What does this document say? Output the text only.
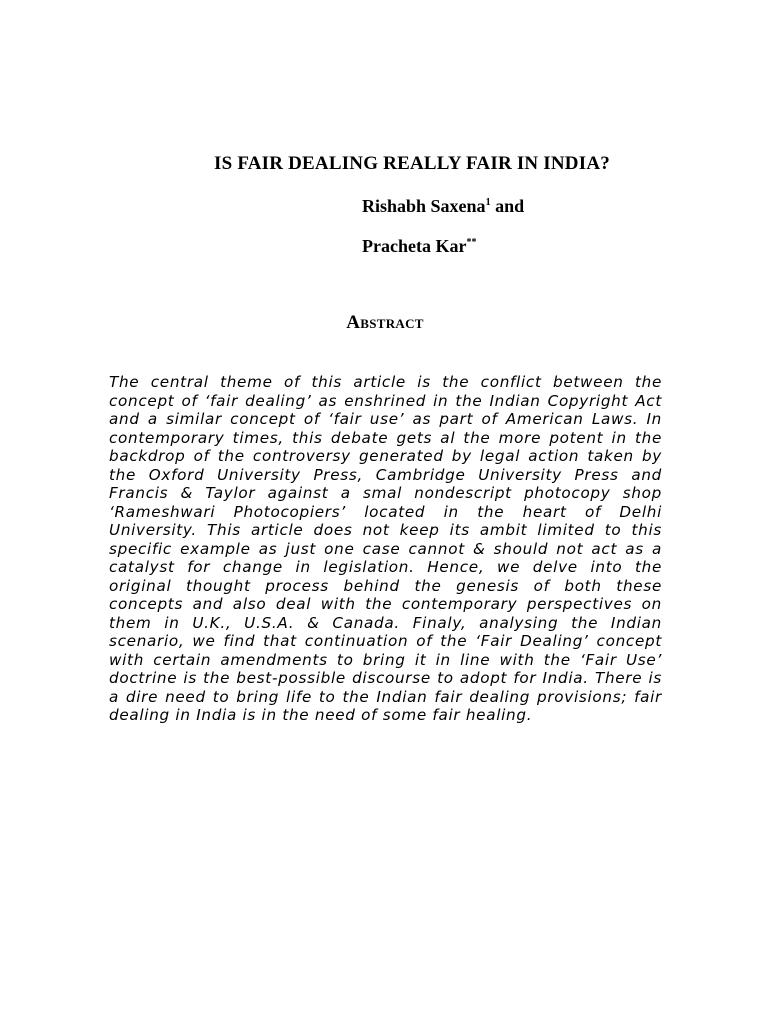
IS FAIR DEALING REALLY FAIR IN INDIA?

Rishabh Saxena$^1$ and

Pracheta Kar**

Abstract

The central theme of this article is the conflict between the concept of ‘fair dealing’ as enshrined in the Indian Copyright Act and a similar concept of ‘fair use’ as part of American Laws. In contemporary times, this debate gets al the more potent in the backdrop of the controversy generated by legal action taken by the Oxford University Press, Cambridge University Press and Francis & Taylor against a smal nondescript photocopy shop ‘Rameshwari Photocopiers’ located in the heart of Delhi University. This article does not keep its ambit limited to this specific example as just one case cannot & should not act as a catalyst for change in legislation. Hence, we delve into the original thought process behind the genesis of both these concepts and also deal with the contemporary perspectives on them in U.K., U.S.A. & Canada. Finaly, analysing the Indian scenario, we find that continuation of the ‘Fair Dealing’ concept with certain amendments to bring it in line with the ‘Fair Use’ doctrine is the best-possible discourse to adopt for India. There is a dire need to bring life to the Indian fair dealing provisions; fair dealing in India is in the need of some fair healing.
